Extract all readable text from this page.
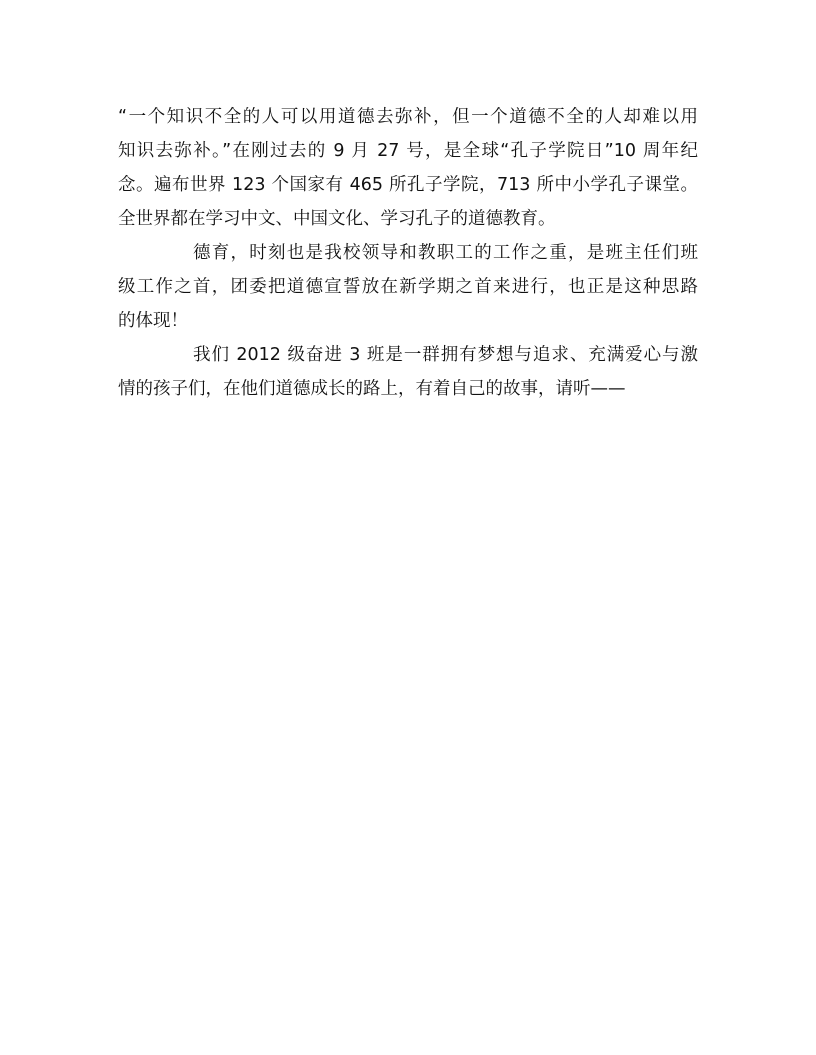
“一个知识不全的人可以用道德去弥补，但一个道德不全的人却难以用
知识去弥补。”在刚过去的 9 月 27 号，是全球“孔子学院日”10 周年纪
念。遍布世界 123 个国家有 465 所孔子学院，713 所中小学孔子课堂。
全世界都在学习中文、中国文化、学习孔子的道德教育。
德育，时刻也是我校领导和教职工的工作之重，是班主任们班
级工作之首，团委把道德宣誓放在新学期之首来进行，也正是这种思路
的体现！
我们 2012 级奋进 3 班是一群拥有梦想与追求、充满爱心与激
情的孩子们，在他们道德成长的路上，有着自己的故事，请听——
